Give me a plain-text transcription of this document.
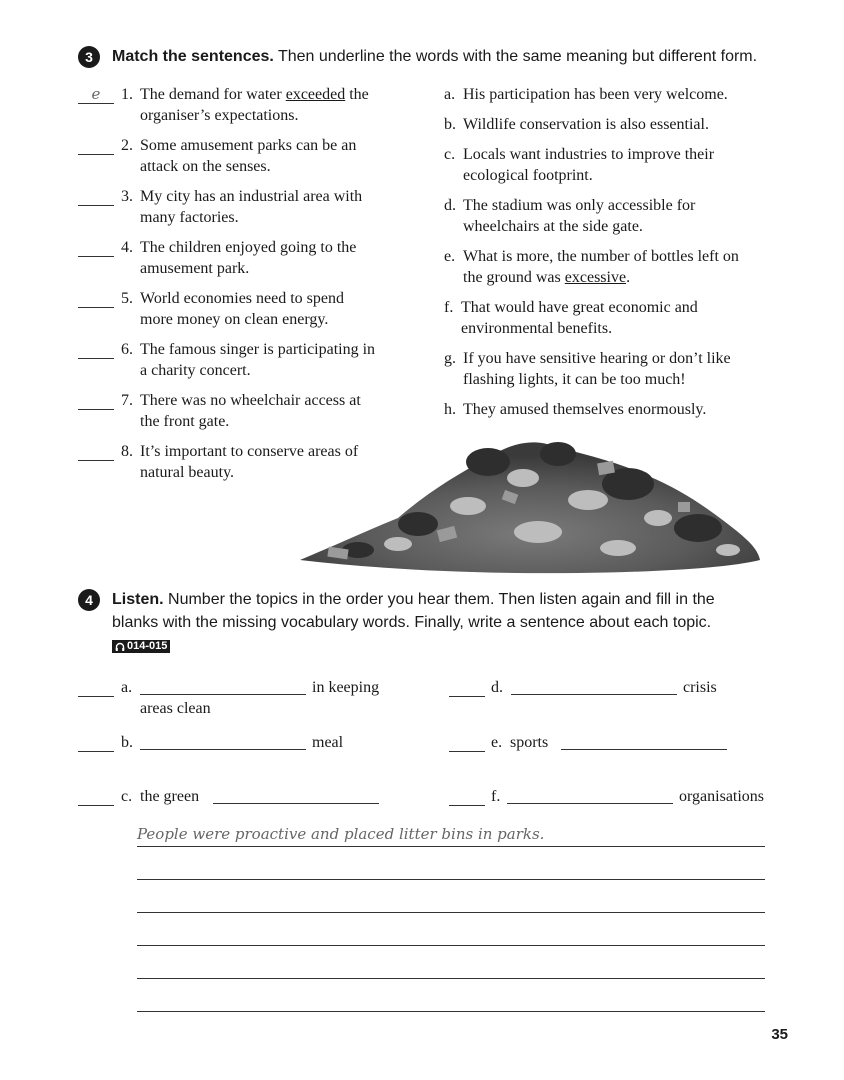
3	Match the sentences. Then underline the words with the same meaning but different form.
e	1. The demand for water exceeded the
organiser’s expectations.
2. Some amusement parks can be an
attack on the senses.
3. My city has an industrial area with
many factories.
4. The children enjoyed going to the
amusement park.
5. World economies need to spend
more money on clean energy.
6. The famous singer is participating in
a charity concert.
7. There was no wheelchair access at
the front gate.
8. It’s important to conserve areas of
natural beauty.
a. His participation has been very welcome.
b. Wildlife conservation is also essential.
c. Locals want industries to improve their
ecological footprint.
d. The stadium was only accessible for
wheelchairs at the side gate.
e. What is more, the number of bottles left on
the ground was excessive.
f. That would have great economic and
environmental benefits.
g. If you have sensitive hearing or don’t like
flashing lights, it can be too much!
h. They amused themselves enormously.
4	Listen. Number the topics in the order you hear them. Then listen again and fill in the
blanks with the missing vocabulary words. Finally, write a sentence about each topic.
014-015
a.	in keeping
areas clean
d.	crisis
b.	meal	e. sports
c. the green	f.	organisations
People were proactive and placed litter bins in parks.
35
